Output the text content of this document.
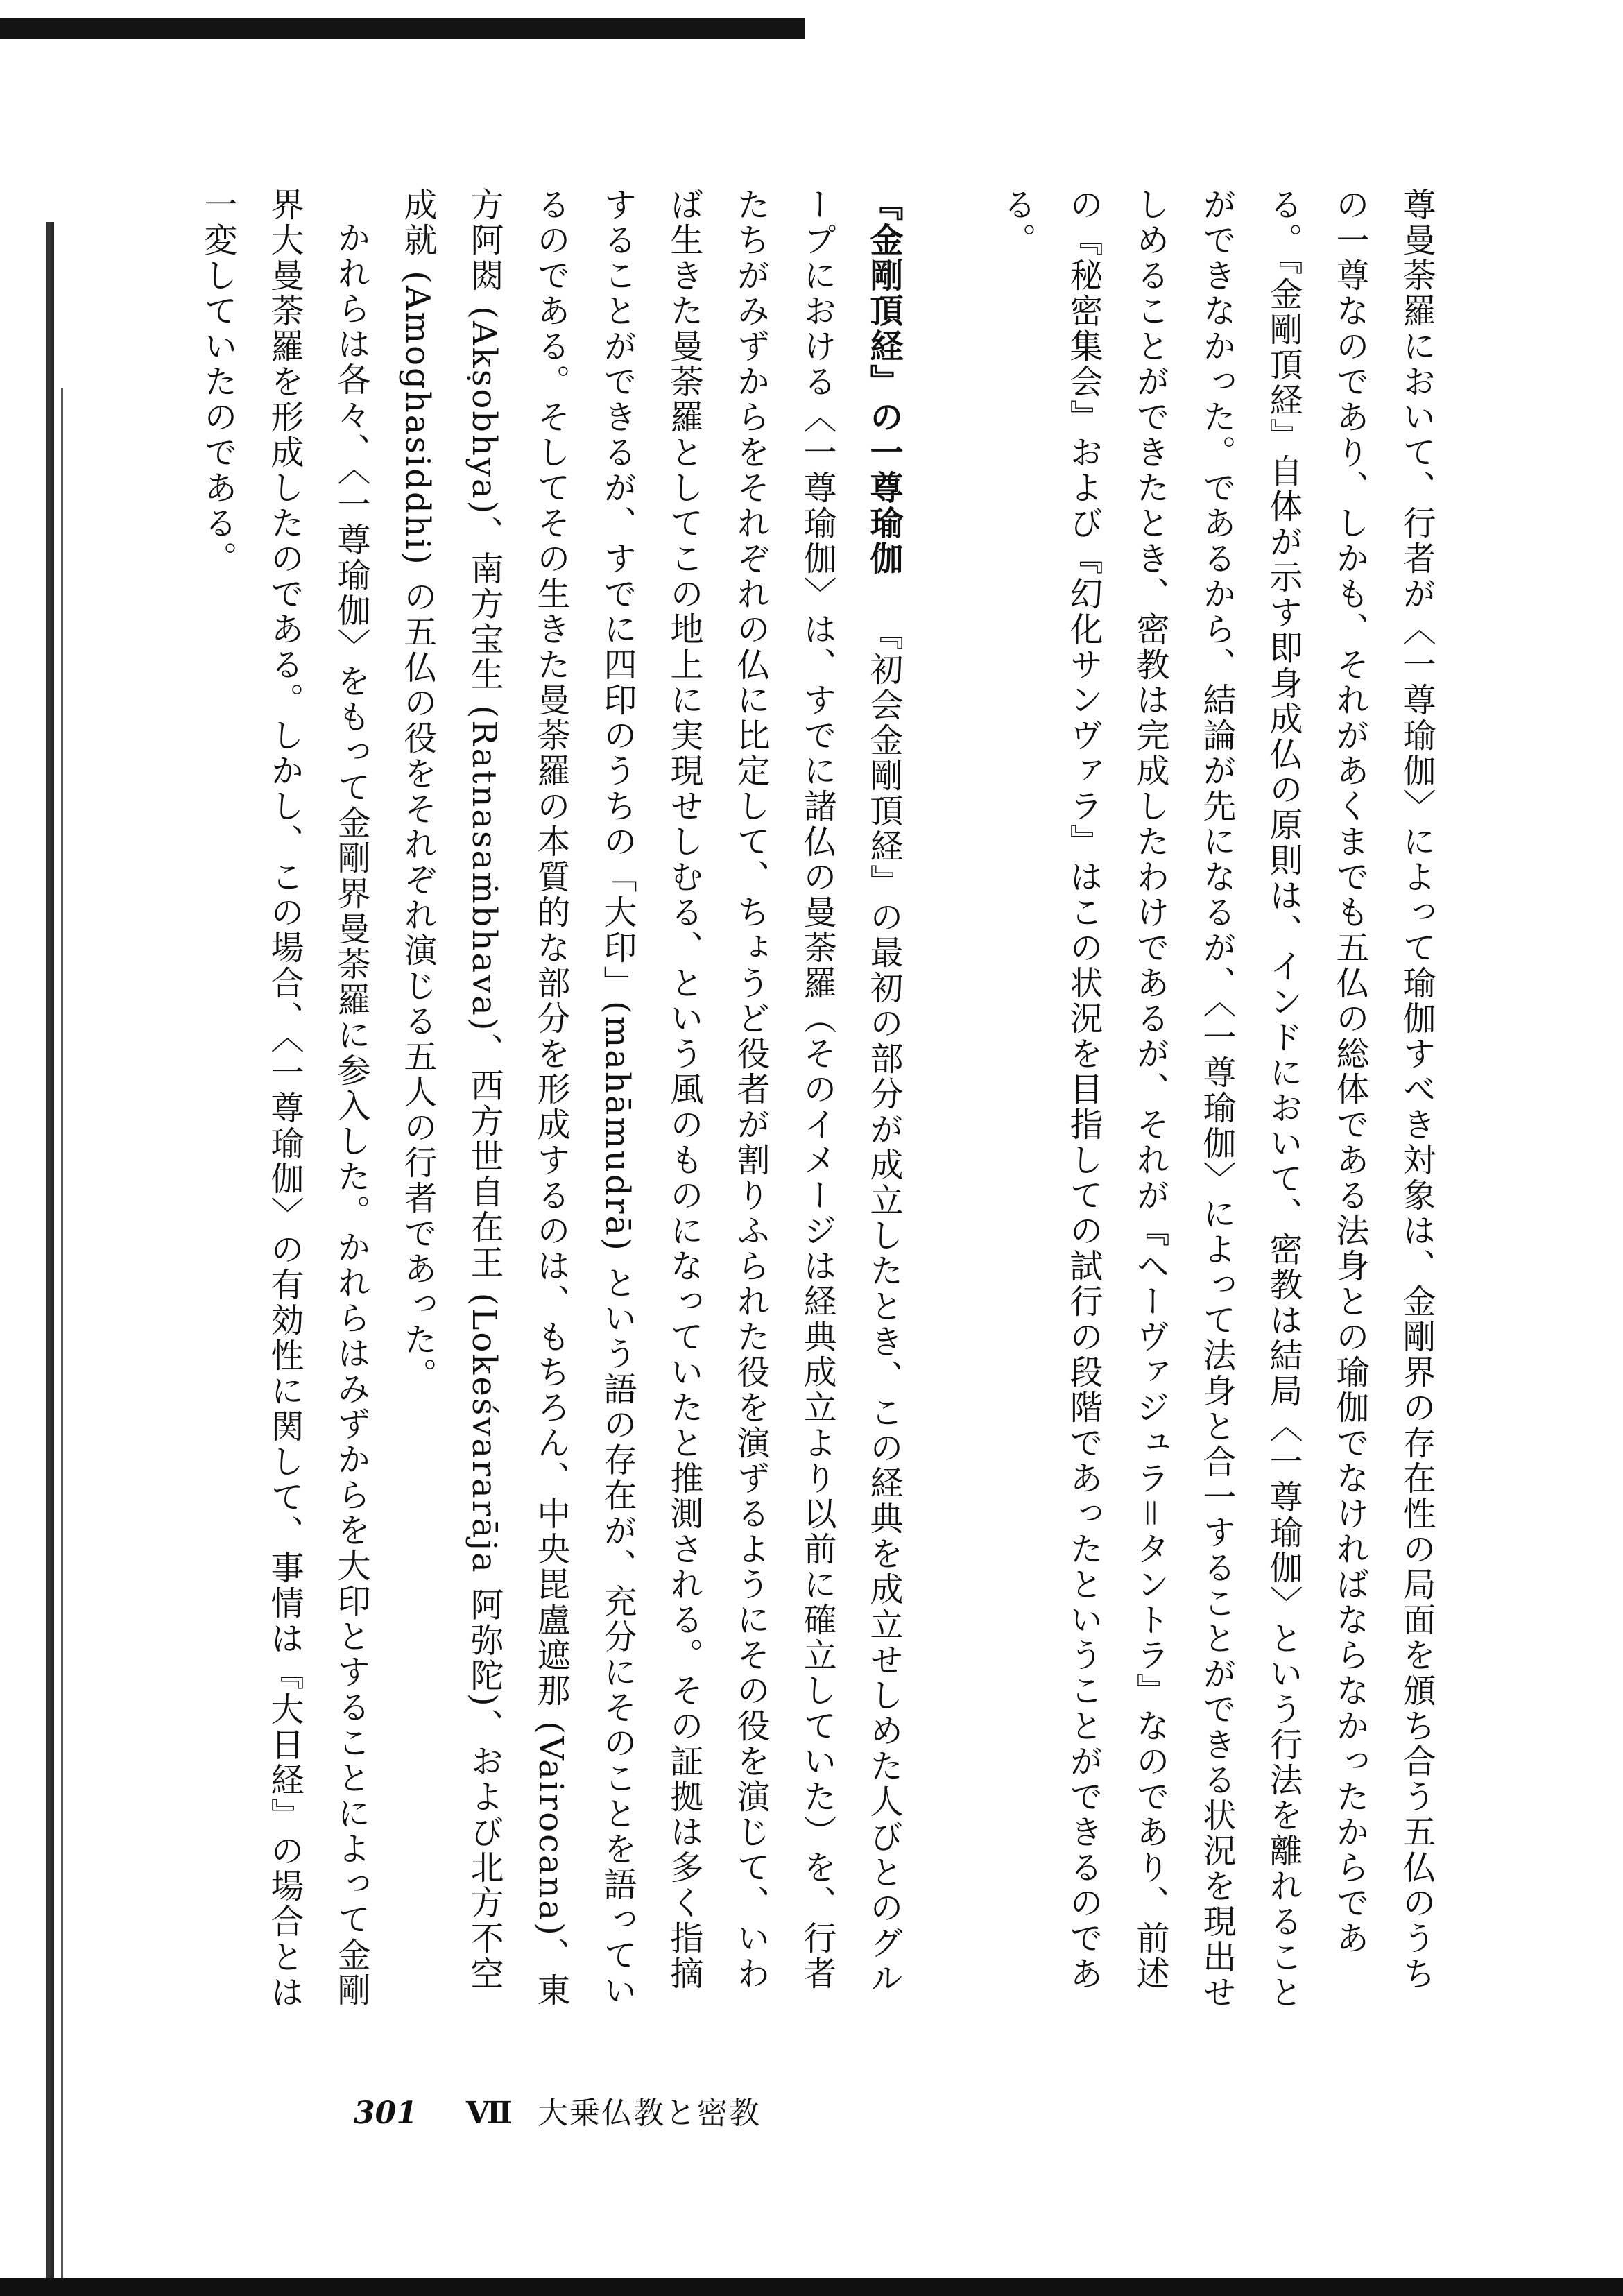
尊曼荼羅において、行者が〈一尊瑜伽〉によって瑜伽すべき対象は、金剛界の存在性の局面を頒ち合う五仏のうちの一尊なのであり、しかも、それがあくまでも五仏の総体である法身との瑜伽でなければならなかったからである。『金剛頂経』自体が示す即身成仏の原則は、インドにおいて、密教は結局〈一尊瑜伽〉という行法を離れることができなかった。であるから、結論が先になるが、〈一尊瑜伽〉によって法身と合一することができる状況を現出せしめることができたとき、密教は完成したわけであるが、それが『ヘーヴァジュラ＝タントラ』なのであり、前述の『秘密集会』および『幻化サンヴァラ』はこの状況を目指しての試行の段階であったということができるのである。

『金剛頂経』の一尊瑜伽『初会金剛頂経』の最初の部分が成立したとき、この経典を成立せしめた人びとのグループにおける〈一尊瑜伽〉は、すでに諸仏の曼荼羅（そのイメージは経典成立より以前に確立していた）を、行者たちがみずからをそれぞれの仏に比定して、ちょうど役者が割りふられた役を演ずるようにその役を演じて、いわば生きた曼荼羅としてこの地上に実現せしむる、という風のものになっていたと推測される。その証拠は多く指摘することができるが、すでに四印のうちの「大印」(mahāmudrā) という語の存在が、充分にそのことを語っているのである。そしてその生きた曼荼羅の本質的な部分を形成するのは、もちろん、中央毘盧遮那 (Vairocana)、東方阿閦 (Akṣobhya)、南方宝生 (Ratnasaṁbhava)、西方世自在王 (Lokeśvararāja 阿弥陀)、および北方不空成就 (Amoghasiddhi) の五仏の役をそれぞれ演じる五人の行者であった。

かれらは各々、〈一尊瑜伽〉をもって金剛界曼荼羅に参入した。かれらはみずからを大印とすることによって金剛界大曼荼羅を形成したのである。しかし、この場合、〈一尊瑜伽〉の有効性に関して、事情は『大日経』の場合とは一変していたのである。

301 Ⅶ 大乗仏教と密教
